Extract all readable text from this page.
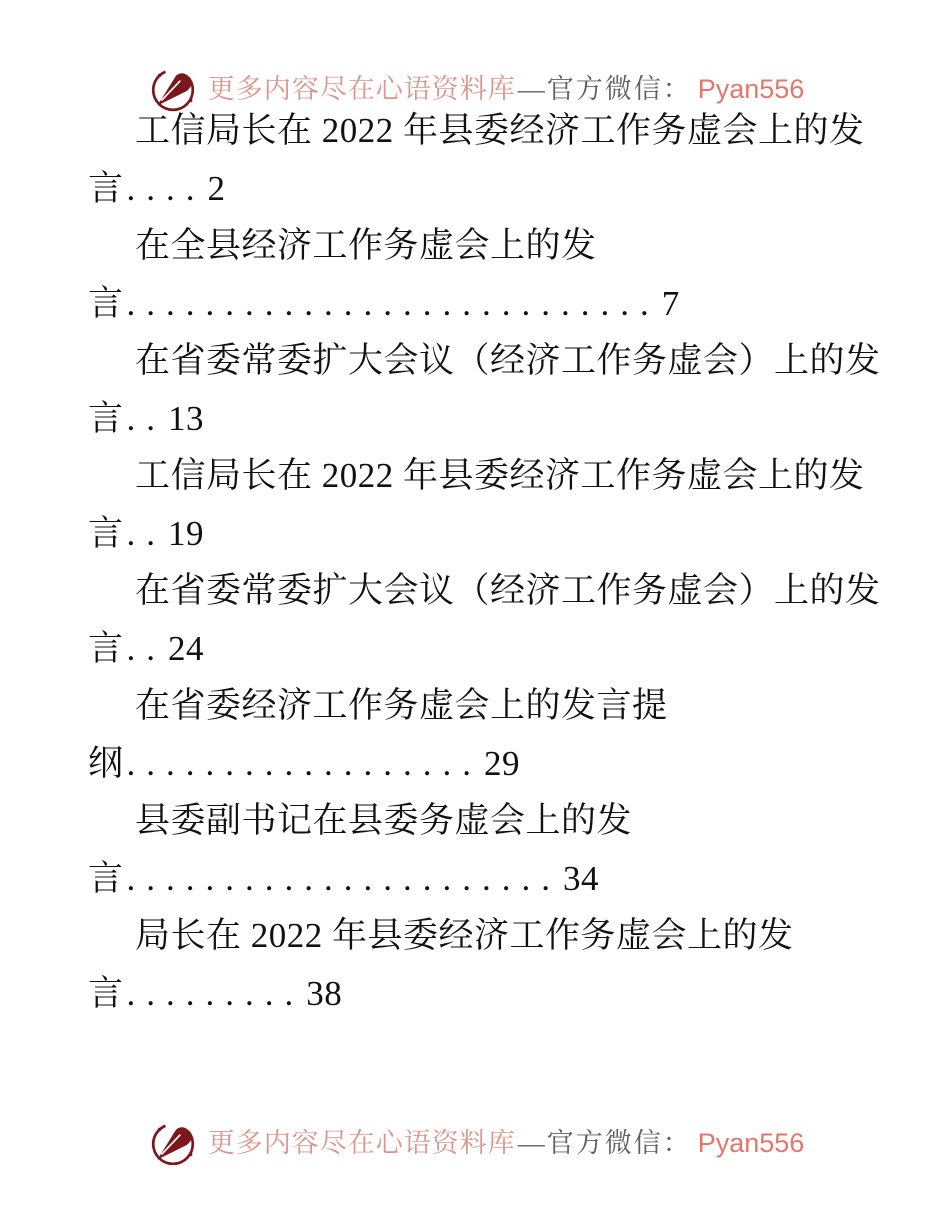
更多内容尽在心语资料库 —官方微信： Pyan556
工信局长在 2022 年县委经济工作务虚会上的发
言....2
在全县经济工作务虚会上的发
言...........................7
在省委常委扩大会议（经济工作务虚会）上的发
言..13
工信局长在 2022 年县委经济工作务虚会上的发
言..19
在省委常委扩大会议（经济工作务虚会）上的发
言..24
在省委经济工作务虚会上的发言提
纲..................29
县委副书记在县委务虚会上的发
言......................34
局长在 2022 年县委经济工作务虚会上的发
言.........38
更多内容尽在心语资料库 —官方微信： Pyan556
